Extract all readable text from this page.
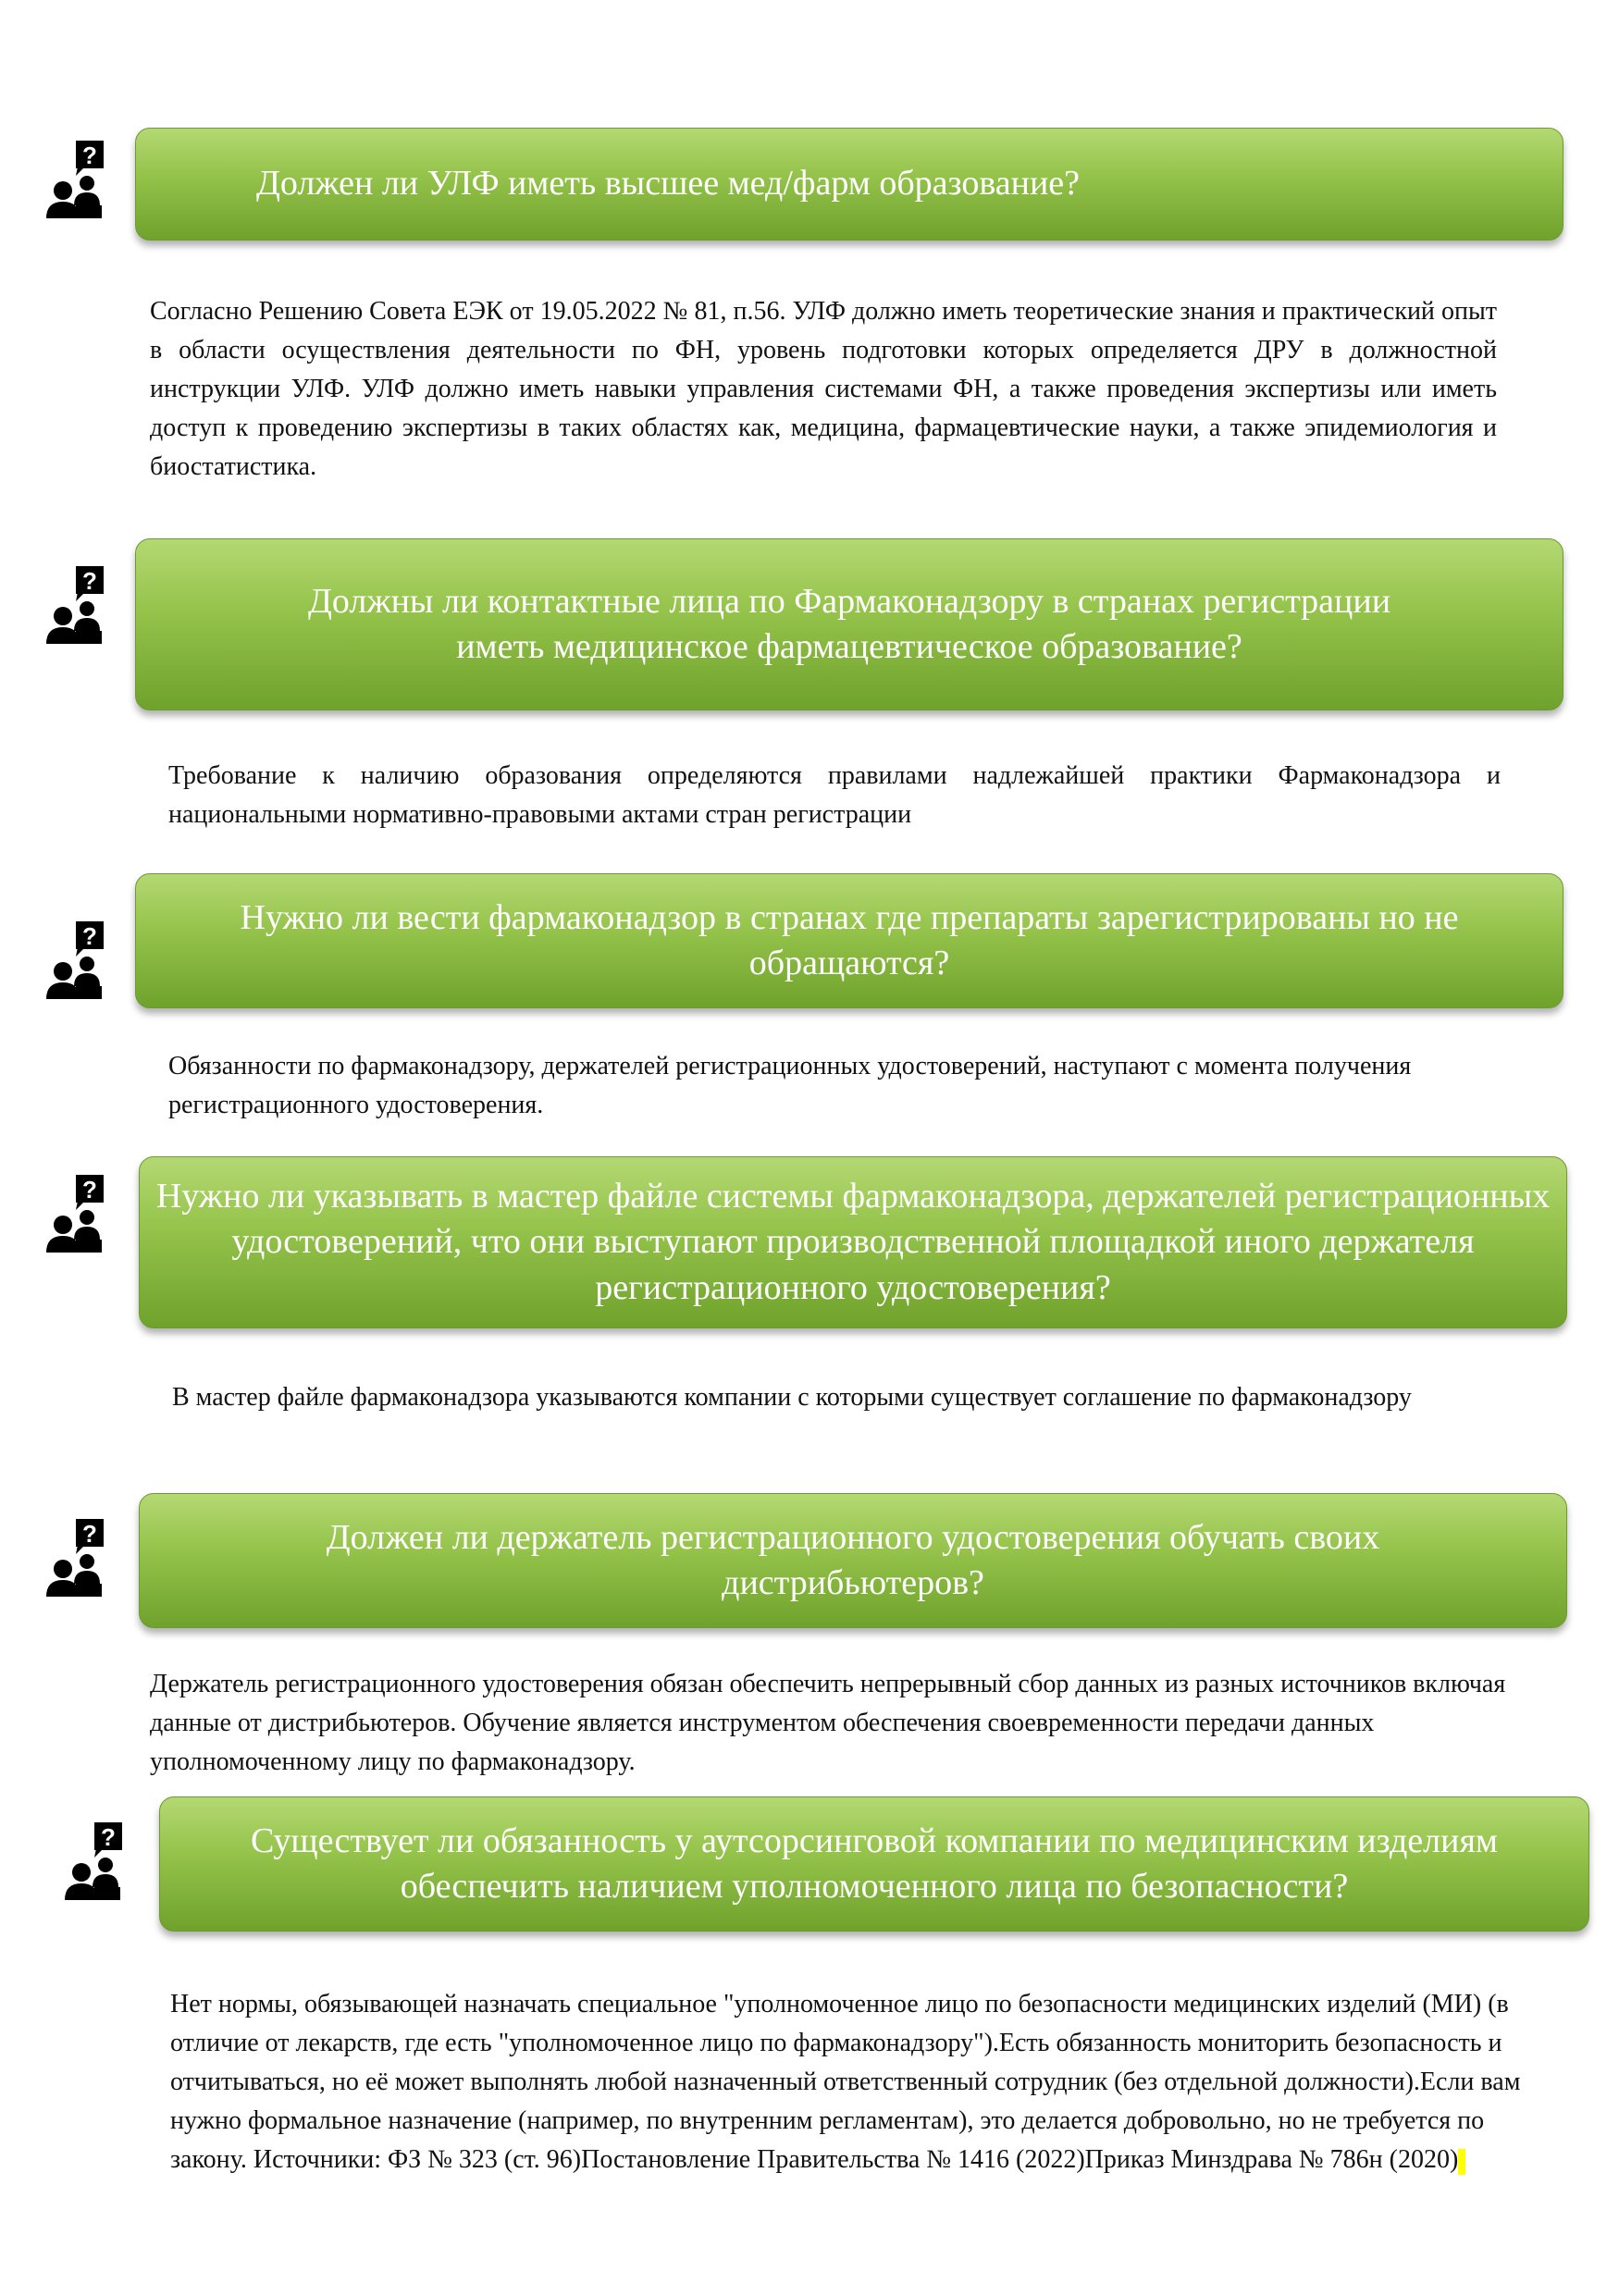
Должен ли УЛФ иметь высшее мед/фарм образование?

Согласно Решению Совета ЕЭК от 19.05.2022 № 81, п.56. УЛФ должно иметь теоретические знания и практический опыт в области осуществления деятельности по ФН, уровень подготовки которых определяется ДРУ в должностной инструкции УЛФ. УЛФ должно иметь навыки управления системами ФН, а также проведения экспертизы или иметь доступ к проведению экспертизы в таких областях как, медицина, фармацевтические науки, а также эпидемиология и биостатистика.

Должны ли контактные лица по Фармаконадзору в странах регистрации иметь медицинское фармацевтическое образование?

Требование к наличию образования определяются правилами надлежайшей практики Фармаконадзора и национальными нормативно-правовыми актами стран регистрации

Нужно ли вести фармаконадзор в странах где препараты зарегистрированы но не обращаются?

Обязанности по фармаконадзору, держателей регистрационных удостоверений, наступают с момента получения регистрационного удостоверения.

Нужно ли указывать в мастер файле системы фармаконадзора, держателей регистрационных удостоверений, что они выступают производственной площадкой иного держателя регистрационного удостоверения?

В мастер файле фармаконадзора указываются компании с которыми существует соглашение по фармаконадзору

Должен ли держатель регистрационного удостоверения обучать своих дистрибьютеров?

Держатель регистрационного удостоверения обязан обеспечить непрерывный сбор данных из разных источников включая данные от дистрибьютеров. Обучение является инструментом обеспечения своевременности передачи данных уполномоченному лицу по фармаконадзору.

Существует ли обязанность у аутсорсинговой компании по медицинским изделиям обеспечить наличием уполномоченного лица по безопасности?

Нет нормы, обязывающей назначать специальное "уполномоченное лицо по безопасности медицинских изделий (МИ) (в отличие от лекарств, где есть "уполномоченное лицо по фармаконадзору").Есть обязанность мониторить безопасность и отчитываться, но её может выполнять любой назначенный ответственный сотрудник (без отдельной должности).Если вам нужно формальное назначение (например, по внутренним регламентам), это делается добровольно, но не требуется по закону. Источники: ФЗ № 323 (ст. 96)Постановление Правительства № 1416 (2022)Приказ Минздрава № 786н (2020)
